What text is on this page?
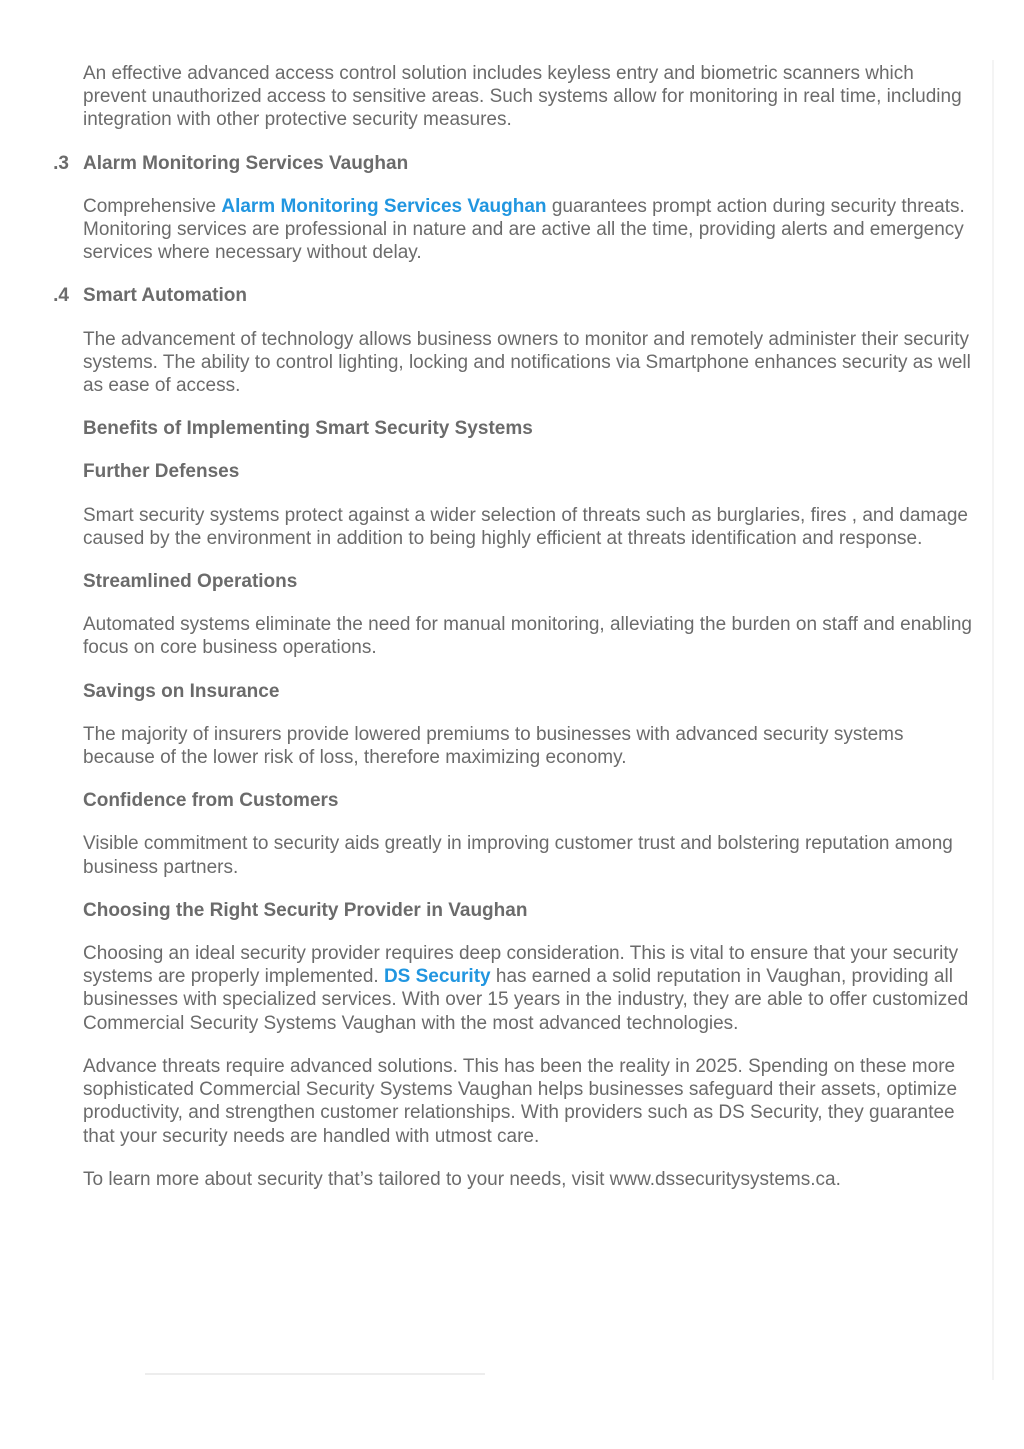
An effective advanced access control solution includes keyless entry and biometric scanners which prevent unauthorized access to sensitive areas. Such systems allow for monitoring in real time, including integration with other protective security measures.

3. Alarm Monitoring Services Vaughan

Comprehensive Alarm Monitoring Services Vaughan guarantees prompt action during security threats. Monitoring services are professional in nature and are active all the time, providing alerts and emergency services where necessary without delay.

4. Smart Automation

The advancement of technology allows business owners to monitor and remotely administer their security systems. The ability to control lighting, locking and notifications via Smartphone enhances security as well as ease of access.

Benefits of Implementing Smart Security Systems
Further Defenses

Smart security systems protect against a wider selection of threats such as burglaries, fires , and damage caused by the environment in addition to being highly efficient at threats identification and response.

Streamlined Operations

Automated systems eliminate the need for manual monitoring, alleviating the burden on staff and enabling focus on core business operations.

Savings on Insurance

The majority of insurers provide lowered premiums to businesses with advanced security systems because of the lower risk of loss, therefore maximizing economy.

Confidence from Customers

Visible commitment to security aids greatly in improving customer trust and bolstering reputation among business partners.

Choosing the Right Security Provider in Vaughan

Choosing an ideal security provider requires deep consideration. This is vital to ensure that your security systems are properly implemented. DS Security has earned a solid reputation in Vaughan, providing all businesses with specialized services. With over 15 years in the industry, they are able to offer customized Commercial Security Systems Vaughan with the most advanced technologies.

Advance threats require advanced solutions. This has been the reality in 2025. Spending on these more sophisticated Commercial Security Systems Vaughan helps businesses safeguard their assets, optimize productivity, and strengthen customer relationships. With providers such as DS Security, they guarantee that your security needs are handled with utmost care.

To learn more about security that’s tailored to your needs, visit www.dssecuritysystems.ca.
